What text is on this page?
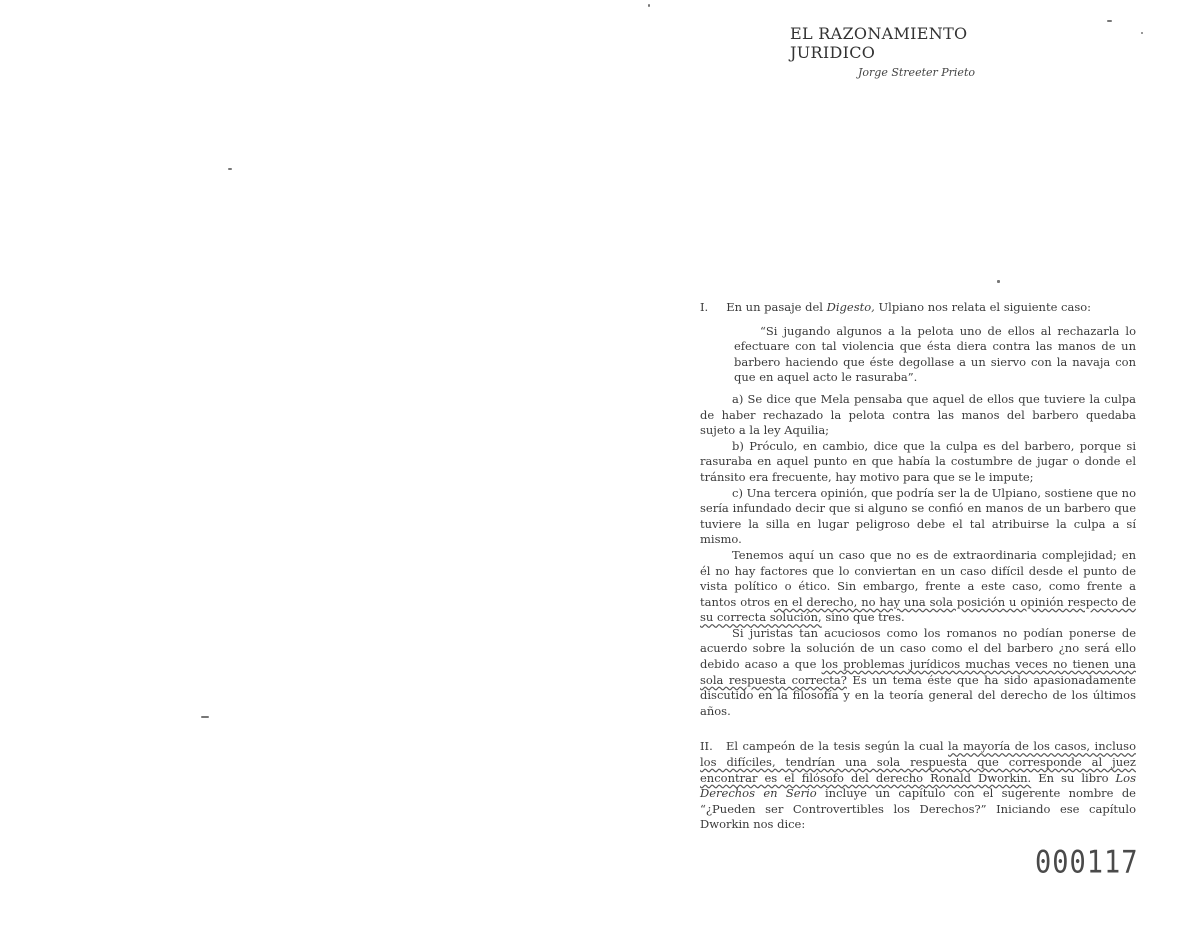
EL RAZONAMIENTO JURIDICO
Jorge Streeter Prieto

I. En un pasaje del Digesto, Ulpiano nos relata el siguiente caso:

“Si jugando algunos a la pelota uno de ellos al rechazarla lo efectuare con tal violencia que ésta diera contra las manos de un barbero haciendo que éste degollase a un siervo con la navaja con que en aquel acto le rasuraba”.

a) Se dice que Mela pensaba que aquel de ellos que tuviere la culpa de haber rechazado la pelota contra las manos del barbero quedaba sujeto a la ley Aquilia;

b) Próculo, en cambio, dice que la culpa es del barbero, porque si rasuraba en aquel punto en que había la costumbre de jugar o donde el tránsito era frecuente, hay motivo para que se le impute;

c) Una tercera opinión, que podría ser la de Ulpiano, sostiene que no sería infundado decir que si alguno se confió en manos de un barbero que tuviere la silla en lugar peligroso debe el tal atribuirse la culpa a sí mismo.

Tenemos aquí un caso que no es de extraordinaria complejidad; en él no hay factores que lo conviertan en un caso difícil desde el punto de vista político o ético. Sin embargo, frente a este caso, como frente a tantos otros en el derecho, no hay una sola posición u opinión respecto de su correcta solución, sino que tres.

Si juristas tan acuciosos como los romanos no podían ponerse de acuerdo sobre la solución de un caso como el del barbero ¿no será ello debido acaso a que los problemas jurídicos muchas veces no tienen una sola respuesta correcta? Es un tema éste que ha sido apasionadamente discutido en la filosofía y en la teoría general del derecho de los últimos años.

II. El campeón de la tesis según la cual la mayoría de los casos, incluso los difíciles, tendrían una sola respuesta que corresponde al juez encontrar es el filósofo del derecho Ronald Dworkin. En su libro Los Derechos en Serio incluye un capítulo con el sugerente nombre de “¿Pueden ser Controvertibles los Derechos?” Iniciando ese capítulo Dworkin nos dice:

000117
